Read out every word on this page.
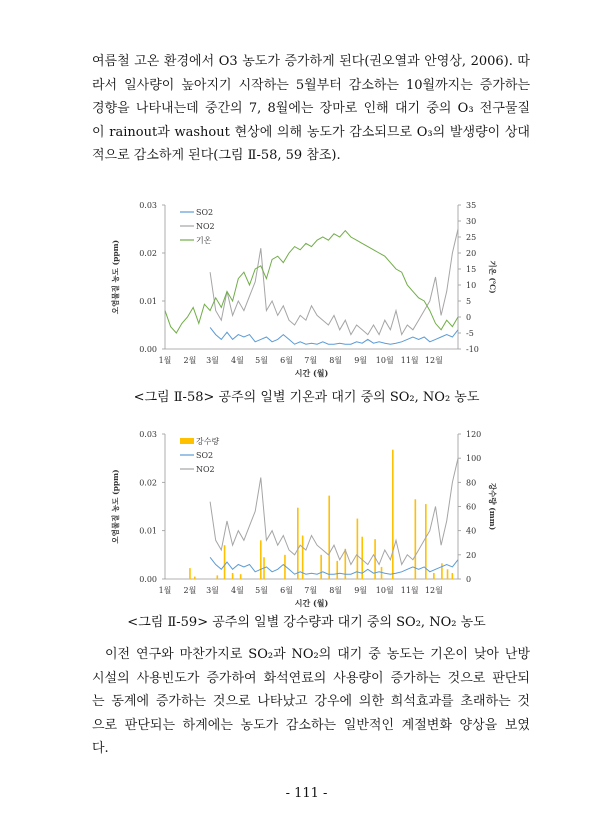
여름철 고온 환경에서 O3 농도가 증가하게 된다(권오열과 안영상, 2006). 따
라서 일사량이 높아지기 시작하는 5월부터 감소하는 10월까지는 증가하는
경향을 나타내는데 중간의 7, 8월에는 장마로 인해 대기 중의 O₃ 전구물질
이 rainout과 washout 현상에 의해 농도가 감소되므로 O₃의 발생량이 상대
적으로 감소하게 된다(그림 Ⅱ-58, 59 참조).
0.00
0.01
0.02
0.03
-10
-5
0
5
10
15
20
25
30
35
1월 2월 3월 4월 5월 6월 7월 8월 9월 10월 11월 12월
시간 (월)
오염물질 농도 (ppm)	기온 (℃)
SO2
NO2
기온
<그림 Ⅱ-58> 공주의 일별 기온과 대기 중의 SO₂, NO₂ 농도
0.00
0.01
0.02
0.03
0
20
40
60
80
100
120
1월 2월 3월 4월 5월 6월 7월 8월 9월 10월 11월 12월
시간 (월)
오염물질 농도 (ppm)	강수량 (mm)
강수량
SO2
NO2
<그림 Ⅱ-59> 공주의 일별 강수량과 대기 중의 SO₂, NO₂ 농도
이전 연구와 마찬가지로 SO₂과 NO₂의 대기 중 농도는 기온이 낮아 난방
시설의 사용빈도가 증가하여 화석연료의 사용량이 증가하는 것으로 판단되
는 동계에 증가하는 것으로 나타났고 강우에 의한 희석효과를 초래하는 것
으로 판단되는 하계에는 농도가 감소하는 일반적인 계절변화 양상을 보였
다.
- 111 -
